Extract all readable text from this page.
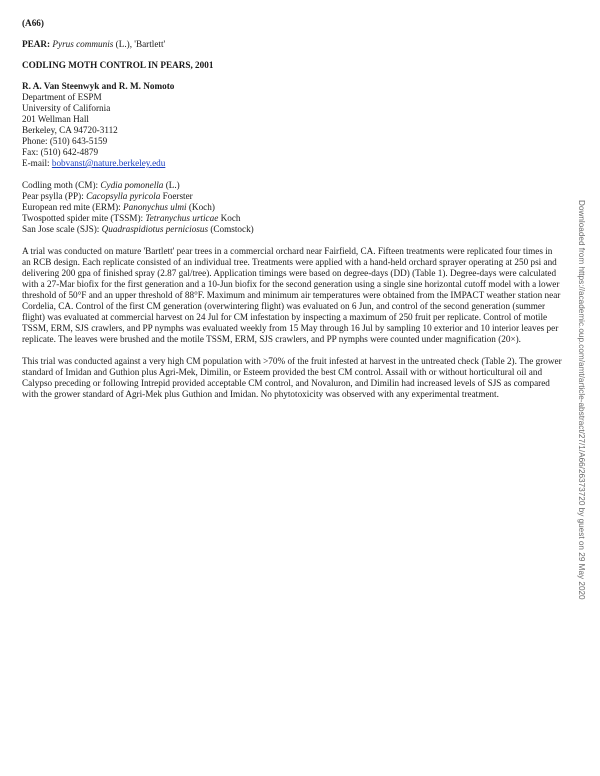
(A66)

PEAR: Pyrus communis (L.), 'Bartlett'

CODLING MOTH CONTROL IN PEARS, 2001

R. A. Van Steenwyk and R. M. Nomoto

Department of ESPM

University of California

201 Wellman Hall

Berkeley, CA 94720-3112

Phone: (510) 643-5159

Fax: (510) 642-4879

E-mail: bobvanst@nature.berkeley.edu

Codling moth (CM): Cydia pomonella (L.)

Pear psylla (PP): Cacopsylla pyricola Foerster

European red mite (ERM): Panonychus ulmi (Koch)

Twospotted spider mite (TSSM): Tetranychus urticae Koch

San Jose scale (SJS): Quadraspidiotus perniciosus (Comstock)

A trial was conducted on mature 'Bartlett' pear trees in a commercial orchard near Fairfield, CA. Fifteen treatments were replicated four times in an RCB design. Each replicate consisted of an individual tree. Treatments were applied with a hand-held orchard sprayer operating at 250 psi and delivering 200 gpa of finished spray (2.87 gal/tree). Application timings were based on degree-days (DD) (Table 1). Degree-days were calculated with a 27-Mar biofix for the first generation and a 10-Jun biofix for the second generation using a single sine horizontal cutoff model with a lower threshold of 50°F and an upper threshold of 88°F. Maximum and minimum air temperatures were obtained from the IMPACT weather station near Cordelia, CA. Control of the first CM generation (overwintering flight) was evaluated on 6 Jun, and control of the second generation (summer flight) was evaluated at commercial harvest on 24 Jul for CM infestation by inspecting a maximum of 250 fruit per replicate. Control of motile TSSM, ERM, SJS crawlers, and PP nymphs was evaluated weekly from 15 May through 16 Jul by sampling 10 exterior and 10 interior leaves per replicate. The leaves were brushed and the motile TSSM, ERM, SJS crawlers, and PP nymphs were counted under magnification (20×).

This trial was conducted against a very high CM population with >70% of the fruit infested at harvest in the untreated check (Table 2). The grower standard of Imidan and Guthion plus Agri-Mek, Dimilin, or Esteem provided the best CM control. Assail with or without horticultural oil and Calypso preceding or following Intrepid provided acceptable CM control, and Novaluron, and Dimilin had increased levels of SJS as compared with the grower standard of Agri-Mek plus Guthion and Imidan. No phytotoxicity was observed with any experimental treatment.	Downloaded from https://academic.oup.com/amt/article-abstract/27/1/A66/26373720 by guest on 29 May 2020
